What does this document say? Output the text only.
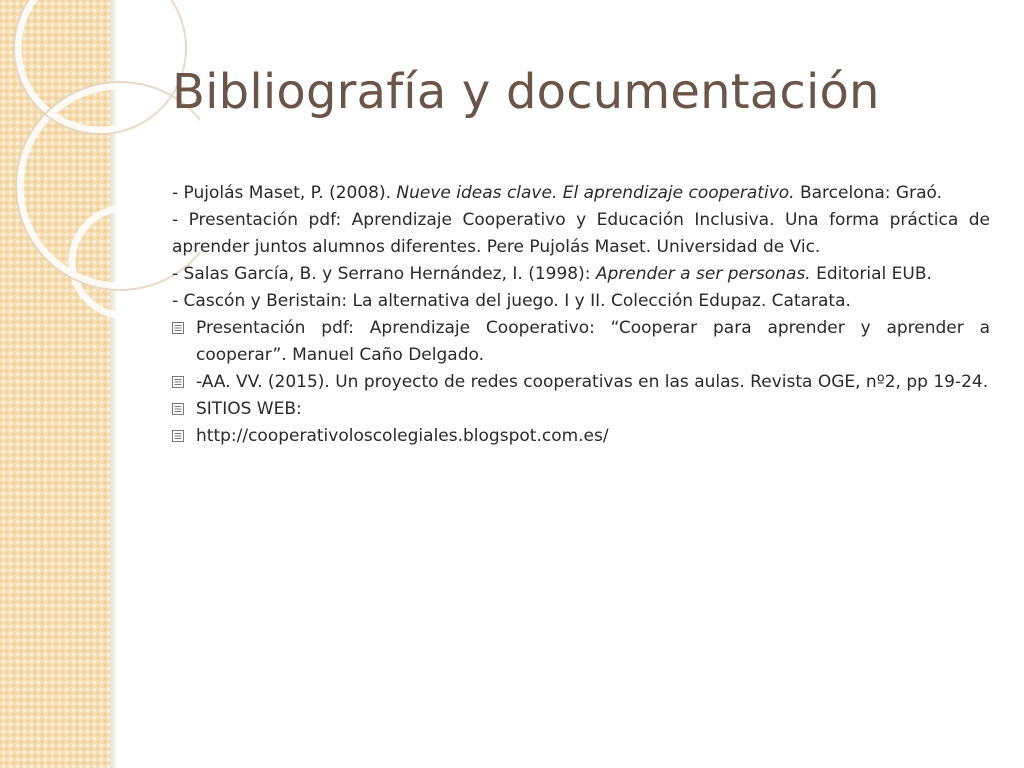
Bibliografía y documentación

- Pujolás Maset, P. (2008). Nueve ideas clave. El aprendizaje cooperativo. Barcelona: Graó.

- Presentación pdf: Aprendizaje Cooperativo y Educación Inclusiva. Una forma práctica de aprender juntos alumnos diferentes. Pere Pujolás Maset. Universidad de Vic.

- Salas García, B. y Serrano Hernández, I. (1998): Aprender a ser personas. Editorial EUB.

- Cascón y Beristain: La alternativa del juego. I y II. Colección Edupaz. Catarata.

Presentación pdf: Aprendizaje Cooperativo: “Cooperar para aprender y aprender a cooperar”. Manuel Caño Delgado.
-AA. VV. (2015). Un proyecto de redes cooperativas en las aulas. Revista OGE, nº2, pp 19-24.
SITIOS WEB:
http://cooperativoloscolegiales.blogspot.com.es/
